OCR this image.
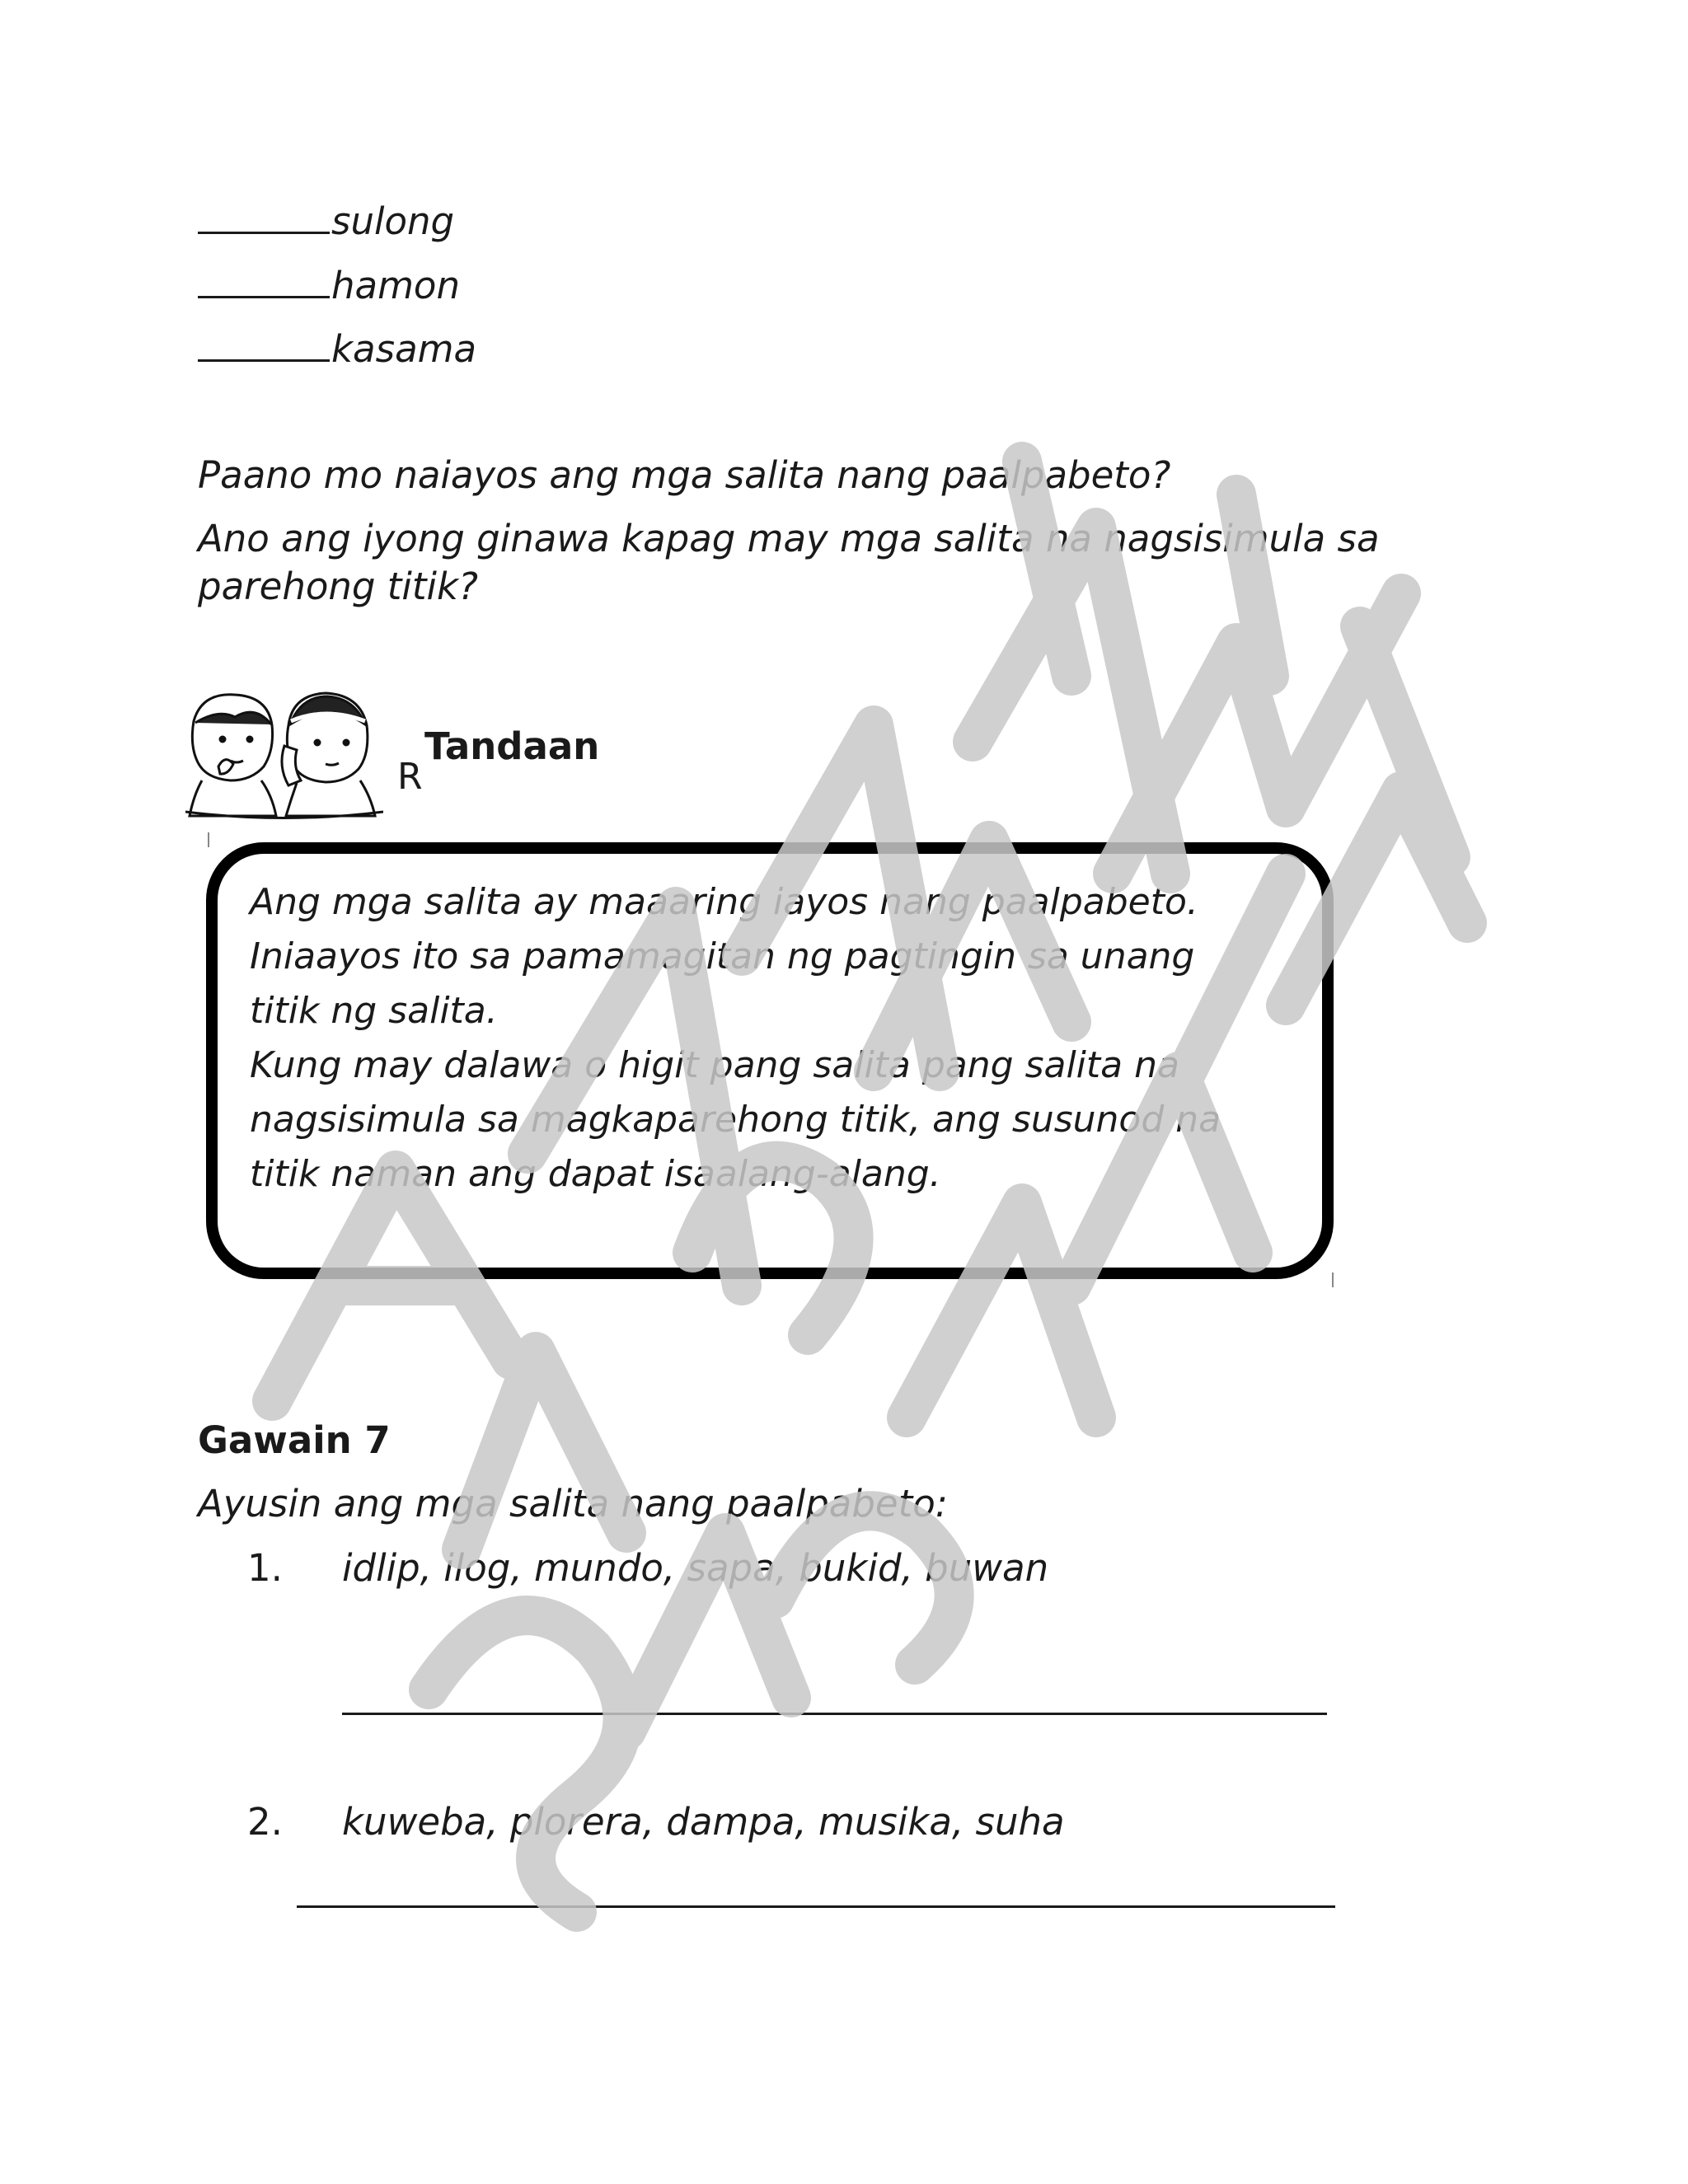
sulong
hamon
kasama
Paano mo naiayos ang mga salita nang paalpabeto?
Ano ang iyong ginawa kapag may mga salita na nagsisimula sa
parehong titik?
R
Tandaan
Ang mga salita ay maaaring iayos nang paalpabeto.
Iniaayos ito sa pamamagitan ng pagtingin sa unang
titik ng salita.
Kung may dalawa o higit pang salita pang salita na
nagsisimula sa magkaparehong titik, ang susunod na
titik naman ang dapat isaalang-alang.
Gawain 7
Ayusin ang mga salita nang paalpabeto:
1. idlip, ilog, mundo, sapa, bukid, buwan
2. kuweba, plorera, dampa, musika, suha
